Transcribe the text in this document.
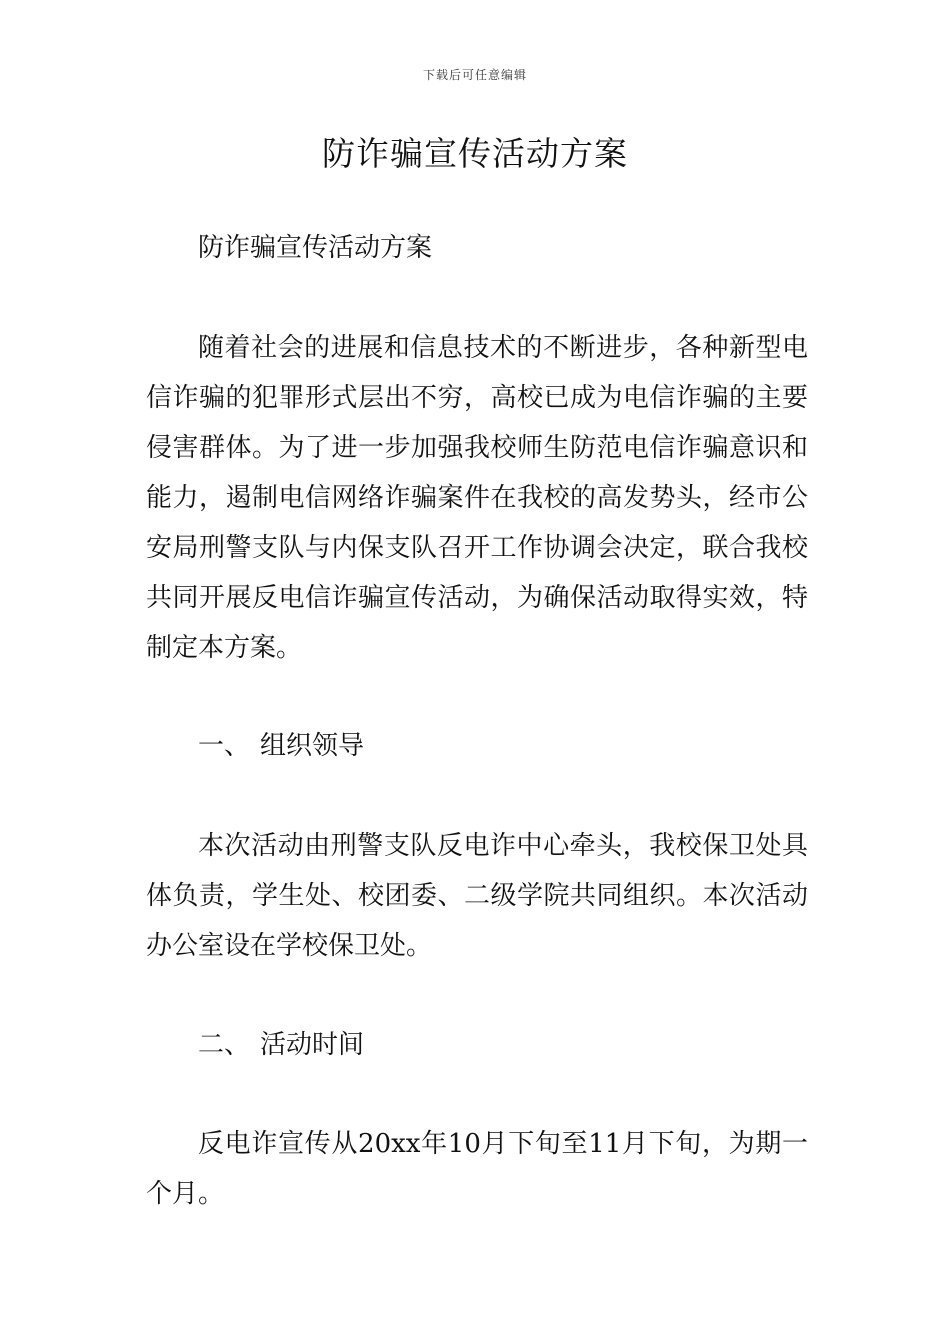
下载后可任意编辑
防诈骗宣传活动方案

防诈骗宣传活动方案

随着社会的进展和信息技术的不断进步，各种新型电信诈骗的犯罪形式层出不穷，高校已成为电信诈骗的主要侵害群体。为了进一步加强我校师生防范电信诈骗意识和能力，遏制电信网络诈骗案件在我校的高发势头，经市公安局刑警支队与内保支队召开工作协调会决定，联合我校共同开展反电信诈骗宣传活动，为确保活动取得实效，特制定本方案。

一、 组织领导

本次活动由刑警支队反电诈中心牵头，我校保卫处具体负责，学生处、校团委、二级学院共同组织。本次活动办公室设在学校保卫处。

二、 活动时间

反电诈宣传从20xx年10月下旬至11月下旬，为期一个月。
